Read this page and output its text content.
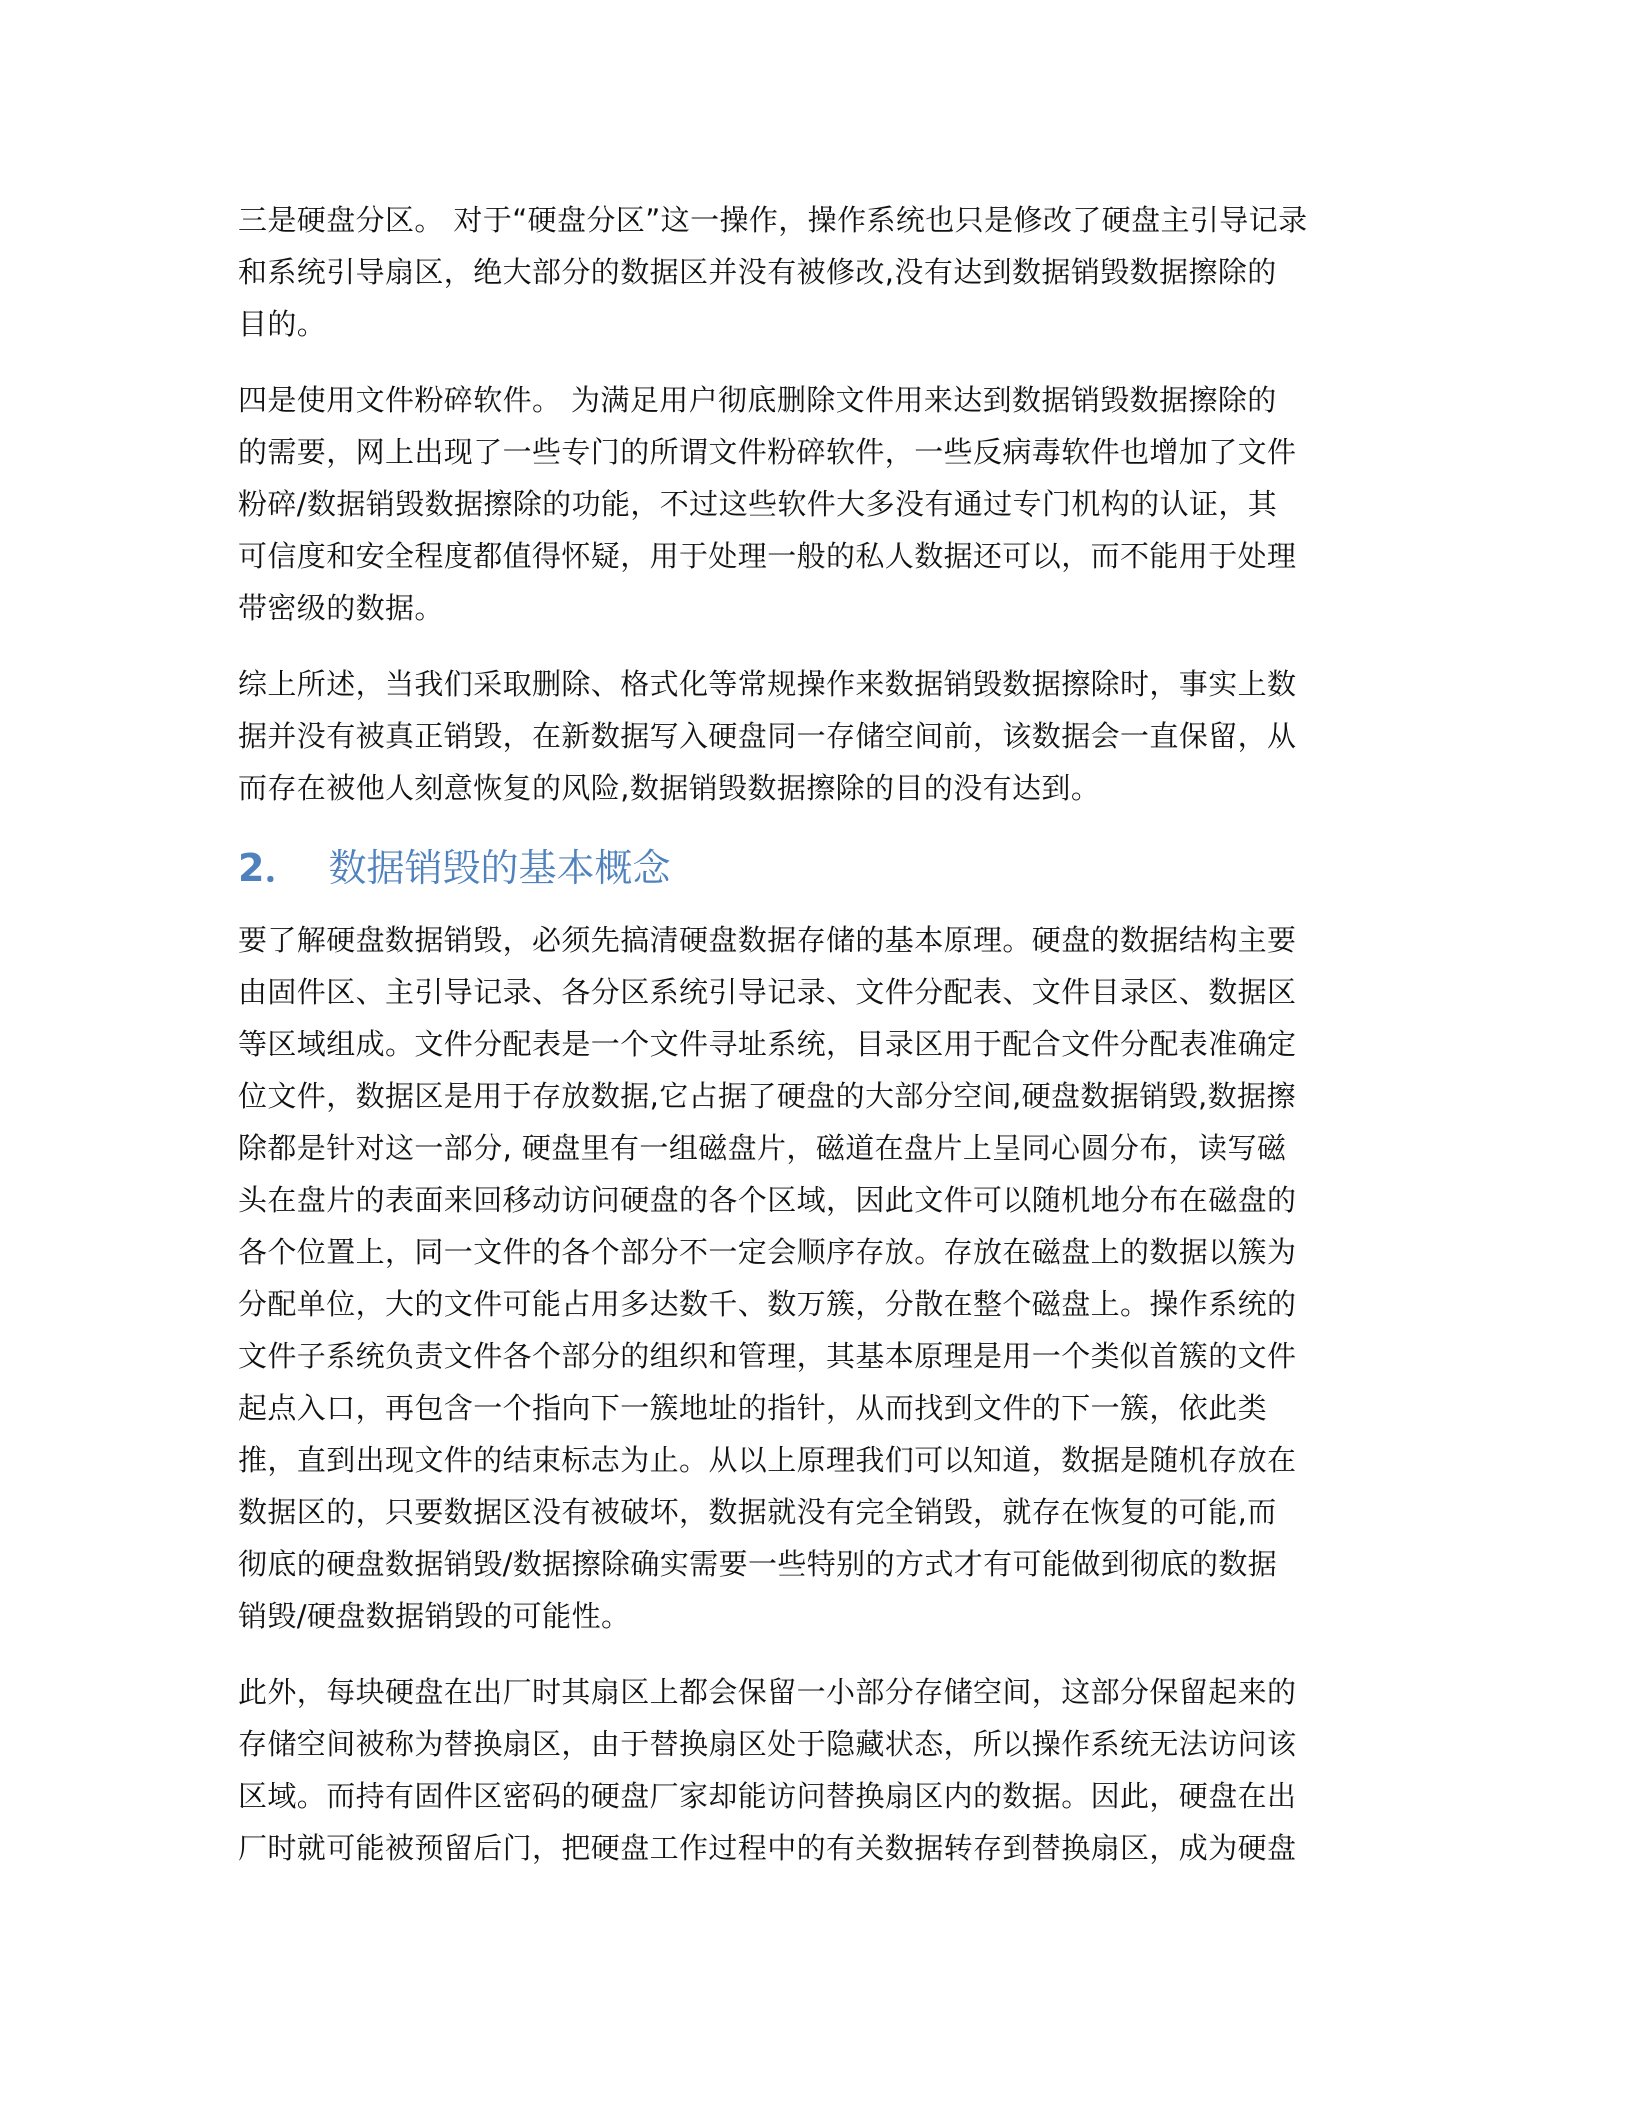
三是硬盘分区。 对于“硬盘分区”这一操作，操作系统也只是修改了硬盘主引导记录
和系统引导扇区，绝大部分的数据区并没有被修改,没有达到数据销毁数据擦除的
目的。
四是使用文件粉碎软件。 为满足用户彻底删除文件用来达到数据销毁数据擦除的
的需要，网上出现了一些专门的所谓文件粉碎软件，一些反病毒软件也增加了文件
粉碎/数据销毁数据擦除的功能，不过这些软件大多没有通过专门机构的认证，其
可信度和安全程度都值得怀疑，用于处理一般的私人数据还可以，而不能用于处理
带密级的数据。
综上所述，当我们采取删除、格式化等常规操作来数据销毁数据擦除时，事实上数
据并没有被真正销毁，在新数据写入硬盘同一存储空间前，该数据会一直保留，从
而存在被他人刻意恢复的风险,数据销毁数据擦除的目的没有达到。
2． 数据销毁的基本概念
要了解硬盘数据销毁，必须先搞清硬盘数据存储的基本原理。硬盘的数据结构主要
由固件区、主引导记录、各分区系统引导记录、文件分配表、文件目录区、数据区
等区域组成。文件分配表是一个文件寻址系统，目录区用于配合文件分配表准确定
位文件，数据区是用于存放数据,它占据了硬盘的大部分空间,硬盘数据销毁,数据擦
除都是针对这一部分, 硬盘里有一组磁盘片，磁道在盘片上呈同心圆分布，读写磁
头在盘片的表面来回移动访问硬盘的各个区域，因此文件可以随机地分布在磁盘的
各个位置上，同一文件的各个部分不一定会顺序存放。存放在磁盘上的数据以簇为
分配单位，大的文件可能占用多达数千、数万簇，分散在整个磁盘上。操作系统的
文件子系统负责文件各个部分的组织和管理，其基本原理是用一个类似首簇的文件
起点入口，再包含一个指向下一簇地址的指针，从而找到文件的下一簇，依此类
推，直到出现文件的结束标志为止。从以上原理我们可以知道，数据是随机存放在
数据区的，只要数据区没有被破坏，数据就没有完全销毁，就存在恢复的可能,而
彻底的硬盘数据销毁/数据擦除确实需要一些特别的方式才有可能做到彻底的数据
销毁/硬盘数据销毁的可能性。
此外，每块硬盘在出厂时其扇区上都会保留一小部分存储空间，这部分保留起来的
存储空间被称为替换扇区，由于替换扇区处于隐藏状态，所以操作系统无法访问该
区域。而持有固件区密码的硬盘厂家却能访问替换扇区内的数据。因此，硬盘在出
厂时就可能被预留后门，把硬盘工作过程中的有关数据转存到替换扇区，成为硬盘
